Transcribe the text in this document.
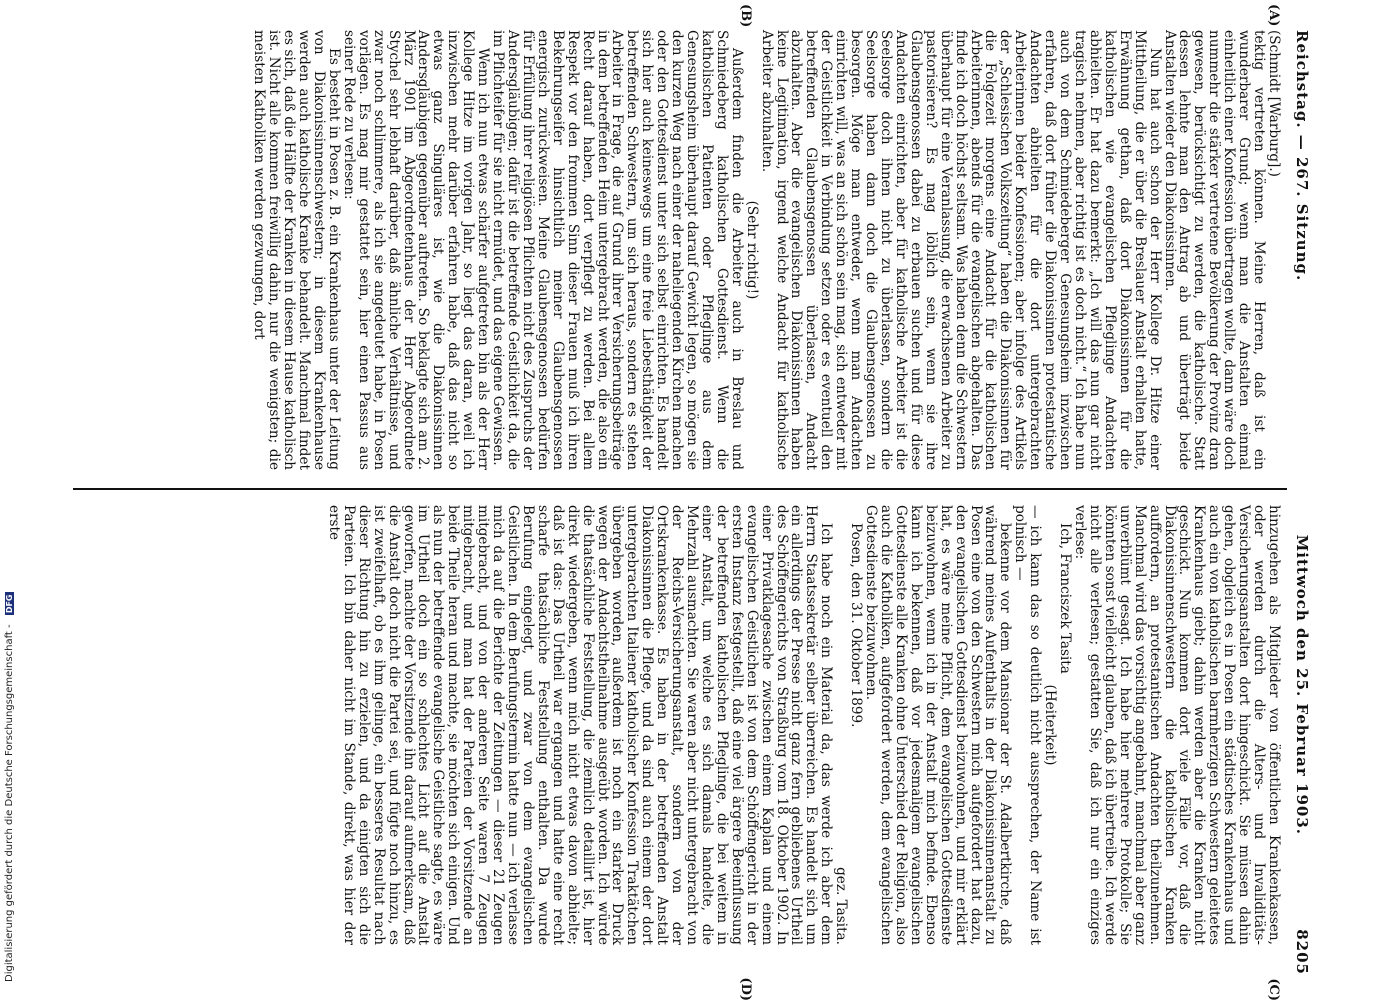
Reichstag. — 267. Sitzung.
Mittwoch den 25. Februar 1903.
8205
(A)
(B)
(C)
(D)

(Schmidt [Warburg].)

tektig vertreten können. Meine Herren, daß ist ein wunderbarer Grund; wenn man die Anstalten einmal einheitlich einer Konfession übertragen wollte, dann wäre doch nummehr die stärker vertretene Bevölkerung der Provinz dran gewesen, berücksichtigt zu werden, die katholische. Statt dessen lehnte man den Antrag ab und überträgt beide Anstalten wieder den Diakonissinnen.

Nun hat auch schon der Herr Kollege Dr. Hitze einer Mittheilung, die er über die Breslauer Anstalt erhalten hatte, Erwähnung gethan, daß dort Diakonissinnen für die katholischen wie evangelischen Pfleglinge Andachten abhielten. Er hat dazu bemerkt: „Ich will das nun gar nicht tragisch nehmen, aber richtig ist es doch nicht.“ Ich habe nun auch von dem Schmiedeberger Genesungsheim inzwischen erfahren, daß dort früher die Diakonissinnen protestantische Andachten abhielten für die dort untergebrachten Arbeiterinnen beider Konfessionen; aber infolge des Artikels der „Schlesischen Volkszeitung“ haben die Diakonissinnen für die Folgezeit morgens eine Andacht für die katholischen Arbeiterinnen, abends für die evangelischen abgehalten. Das finde ich doch höchst seltsam. Was haben denn die Schwestern überhaupt für eine Veranlassung, die erwachsenen Arbeiter zu pastorisieren? Es mag löblich sein, wenn sie ihre Glaubensgenossen dabei zu erbauen suchen und für diese Andachten einrichten, aber für katholische Arbeiter ist die Seelsorge doch ihnen nicht zu überlassen, sondern die Seelsorge haben dann doch die Glaubensgenossen zu besorgen. Möge man entweder, wenn man Andachten einrichten will, was an sich schön sein mag, sich entweder mit der Geistlichkeit in Verbindung setzen oder es eventuell den betreffenden Glaubensgenossen überlassen, Andacht abzuhalten. Aber die evangelischen Diakonissinnen haben keine Legitimation, irgend welche Andacht für katholische Arbeiter abzuhalten.

(Sehr richtig!)

Außerdem finden die Arbeiter auch in Breslau und Schmiedeberg katholischen Gottesdienst. Wenn die katholischen Patienten oder Pfleglinge aus dem Genesungsheim überhaupt darauf Gewicht legen, so mögen sie den kurzen Weg nach einer der naheliegenden Kirchen machen oder den Gottesdienst unter sich selbst einrichten. Es handelt sich hier auch keineswegs um eine freie Liebesthätigkeit der betreffenden Schwestern, um sich heraus, sondern es stehen Arbeiter in Frage, die auf Grund ihrer Versicherungsbeiträge in dem betreffenden Heim untergebracht werden, die also ein Recht darauf haben, dort verpflegt zu werden. Bei allem Respekt vor den frommen Sinn dieser Frauen muß ich ihren Bekehrungseifer hinsichtlich meiner Glaubensgenossen energisch zurückweisen. Meine Glaubensgenossen bedürfen für Erfüllung ihrer religiösen Pflichten nicht des Zuspruchs der Andersgläubigen; dafür ist die betreffende Geistlichkeit da, die im Pflichteifer für sie nicht ermüdet, und das eigene Gewissen.

Wenn ich nun etwas schärfer aufgetreten bin als der Herr Kollege Hitze im vorigen Jahr, so liegt das daran, weil ich inzwischen mehr darüber erfahren habe, daß das nicht so etwas ganz Singuläres ist, wie die Diakonissinnen Andersgläubigen gegenüber auftreten. So beklagte sich am 2. März 1901 im Abgeordnetenhaus der Herr Abgeordnete Stychel sehr lebhaft darüber, daß ähnliche Verhältnisse, und zwar noch schlimmere, als ich sie angedeutet habe, in Posen vorlägen. Es mag mir gestattet sein, hier einen Passus aus seiner Rede zu verlesen:

Es besteht in Posen z. B. ein Krankenhaus unter der Leitung von Diakonissinnenschwestern; in diesem Krankenhause werden auch katholische Kranke behandelt. Manchmal findet es sich, daß die Hälfte der Kranken in diesem Hause katholisch ist. Nicht alle kommen freiwillig dahin, nur die wenigsten; die meisten Katholiken werden gezwungen, dort

hinzugehen als Mitglieder von öffentlichen Krankenkassen, oder werden durch die Alters- und Invaliditäts-Versicherungsanstalten dort hingeschickt. Sie müssen dahin gehen, obgleich es in Posen ein städtisches Krankenhaus und auch ein von katholischen barmherzigen Schwestern geleitetes Krankenhaus giebt; dahin werden aber die Kranken nicht geschickt. Nun kommen dort viele Fälle vor, daß die Diakonissinnenschwestern die katholischen Kranken auffordern, an protestantischen Andachten theilzunehmen. Manchmal wird das vorsichtig angebahnt, manchmal aber ganz unverblümt gesagt. Ich habe hier mehrere Protokolle; Sie könnten sonst vielleicht glauben, daß ich übertreibe. Ich werde nicht alle verlesen; gestatten Sie, daß ich nur ein einziges verlese:

Ich, Franciszek Tasita

(Heiterkeit)

— ich kann das so deutlich nicht aussprechen, der Name ist polnisch —

bekenne vor dem Mansionar der St. Adalbertkirche, daß während meines Aufenthalts in der Diakonissinnenanstalt zu Posen eine von den Schwestern mich aufgefordert hat dazu, den evangelischen Gottesdienst beizuwohnen, und mir erklärt hat, es wäre meine Pflicht, dem evangelischen Gottesdienste beizuwohnen, wenn ich in der Anstalt mich befinde. Ebenso kann ich bekennen, daß vor jedesmaligem evangelischen Gottesdienste alle Kranken ohne Unterschied der Religion, also auch die Katholiken, aufgefordert werden, dem evangelischen Gottesdienste beizuwohnen.

Posen, den 31. Oktober 1899.

gez. Tasita.

Ich habe noch ein Material da, das werde ich aber dem Herrn Staatssekretär selber überreichen. Es handelt sich um ein allerdings der Presse nicht ganz fern gebliebenes Urtheil des Schöffengerichts von Straßburg vom 18. Oktober 1902. In einer Privatklagesache zwischen einem Kaplan und einem evangelischen Geistlichen ist von dem Schöffengericht in der ersten Instanz festgestellt, daß eine viel ärgere Beeinflussung der betreffenden katholischen Pfleglinge, die bei weitem in einer Anstalt, um welche es sich damals handelte, die Mehrzahl ausmachten. Sie waren aber nicht untergebracht von der Reichs-Versicherungsanstalt, sondern von der Ortskrankenkasse. Es haben in der betreffenden Anstalt Diakonissinnen die Pflege, und da sind auch einem der dort untergebrachten Italiener katholischer Konfession Traktätchen übergeben worden, außerdem ist noch ein starker Druck wegen der Andachtstheilnahme ausgeübt worden. Ich würde die thatsächliche Feststellung, die ziemlich detaillirt ist, hier direkt wiedergeben, wenn mich nicht etwas davon abhielte; daß ist das: Das Urtheil war ergangen und hatte eine recht scharfe thatsächliche Feststellung enthalten. Da wurde Berufung eingelegt, und zwar von dem evangelischen Geistlichen. In dem Berufungstermin hatte nun — ich verlasse mich da auf die Berichte der Zeitungen — dieser 21 Zeugen mitgebracht, und von der anderen Seite waren 7 Zeugen mitgebracht, und man hat der Parteien der Vorsitzende an beide Theile heran und machte, sie möchten sich einigen. Und als nun der betreffende evangelische Geistliche sagte, es wäre im Urtheil doch ein so schlechtes Licht auf die Anstalt geworfen, machte der Vorsitzende ihn darauf aufmerksam, daß die Anstalt doch nicht die Partei sei, und fügte noch hinzu, es ist zweifelhaft, ob es ihm gelinge, ein besseres Resultat nach dieser Richtung hin zu erzielen, und da einigten sich die Parteien. Ich bin daher nicht im Stande, direkt, was hier der erste

Digitalisierung gefördert durch die Deutsche Forschungsgemeinschaft - DFG
